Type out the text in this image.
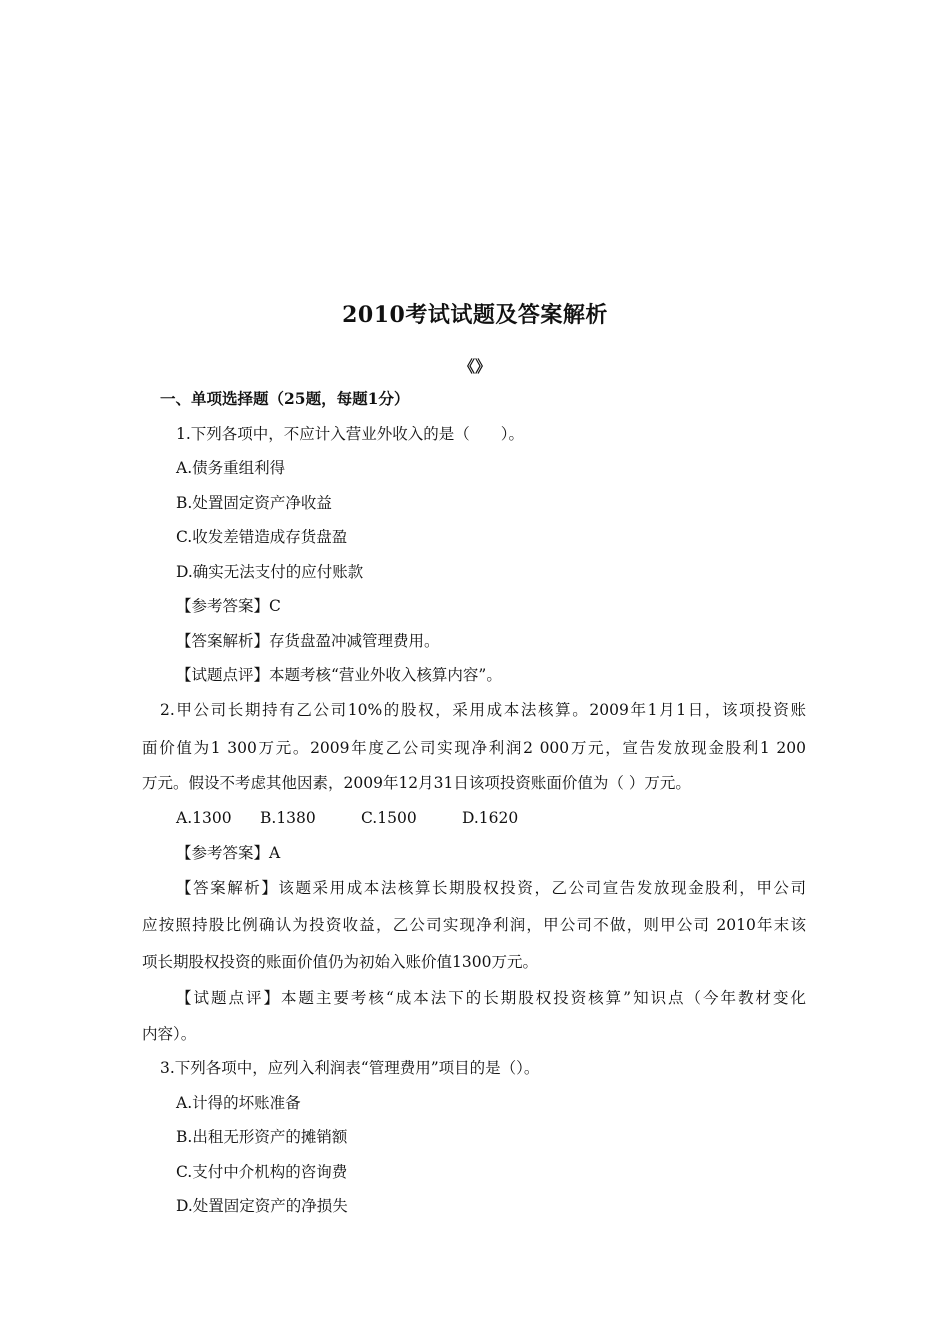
2010考试试题及答案解析
《》
一、单项选择题（25题，每题1分）
1.下列各项中，不应计入营业外收入的是（　　）。
A.债务重组利得
B.处置固定资产净收益
C.收发差错造成存货盘盈
D.确实无法支付的应付账款
【参考答案】C
【答案解析】存货盘盈冲减管理费用。
【试题点评】本题考核“营业外收入核算内容”。
2.甲公司长期持有乙公司10%的股权，采用成本法核算。2009年1月1日，该项投资账
面价值为1 300万元。2009年度乙公司实现净利润2 000万元，宣告发放现金股利1 200
万元。假设不考虑其他因素，2009年12月31日该项投资账面价值为（ ）万元。
A.1300 B.1380	C.1500	D.1620
【参考答案】A
【答案解析】该题采用成本法核算长期股权投资，乙公司宣告发放现金股利，甲公司
应按照持股比例确认为投资收益，乙公司实现净利润，甲公司不做，则甲公司 2010年末该
项长期股权投资的账面价值仍为初始入账价值1300万元。
【试题点评】本题主要考核“成本法下的长期股权投资核算”知识点（今年教材变化
内容）。
3.下列各项中，应列入利润表“管理费用”项目的是（）。
A.计得的坏账准备
B.出租无形资产的摊销额
C.支付中介机构的咨询费
D.处置固定资产的净损失
